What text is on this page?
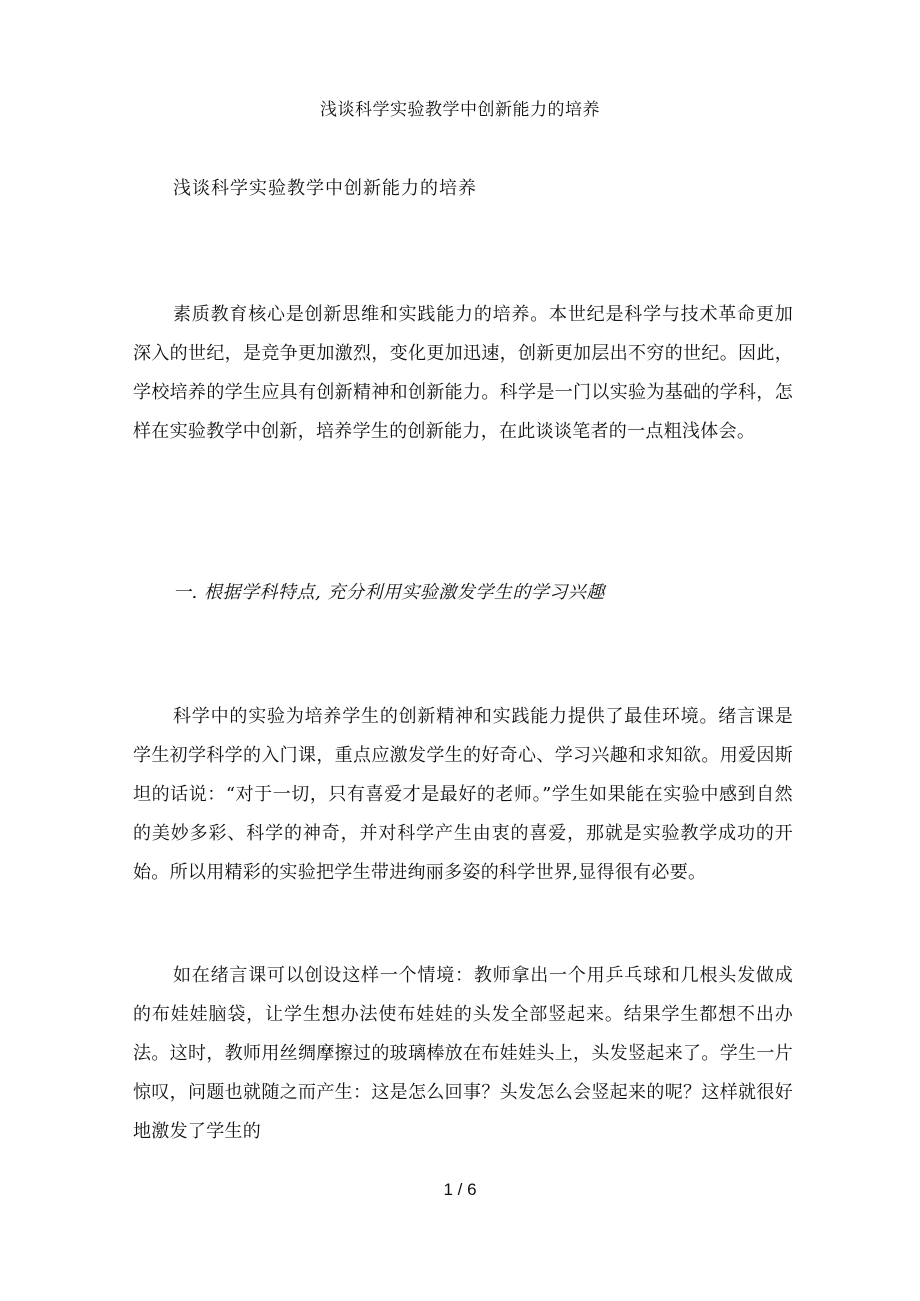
浅谈科学实验教学中创新能力的培养
浅谈科学实验教学中创新能力的培养

素质教育核心是创新思维和实践能力的培养。本世纪是科学与技术革命更加深入的世纪，是竞争更加激烈，变化更加迅速，创新更加层出不穷的世纪。因此，学校培养的学生应具有创新精神和创新能力。科学是一门以实验为基础的学科，怎样在实验教学中创新，培养学生的创新能力，在此谈谈笔者的一点粗浅体会。

一. 根据学科特点, 充分利用实验激发学生的学习兴趣

科学中的实验为培养学生的创新精神和实践能力提供了最佳环境。绪言课是学生初学科学的入门课，重点应激发学生的好奇心、学习兴趣和求知欲。用爱因斯坦的话说：“对于一切，只有喜爱才是最好的老师。”学生如果能在实验中感到自然的美妙多彩、科学的神奇，并对科学产生由衷的喜爱，那就是实验教学成功的开始。所以用精彩的实验把学生带进绚丽多姿的科学世界,显得很有必要。

如在绪言课可以创设这样一个情境：教师拿出一个用乒乓球和几根头发做成的布娃娃脑袋，让学生想办法使布娃娃的头发全部竖起来。结果学生都想不出办法。这时，教师用丝绸摩擦过的玻璃棒放在布娃娃头上，头发竖起来了。学生一片惊叹，问题也就随之而产生：这是怎么回事？头发怎么会竖起来的呢？这样就很好地激发了学生的

1 / 6
